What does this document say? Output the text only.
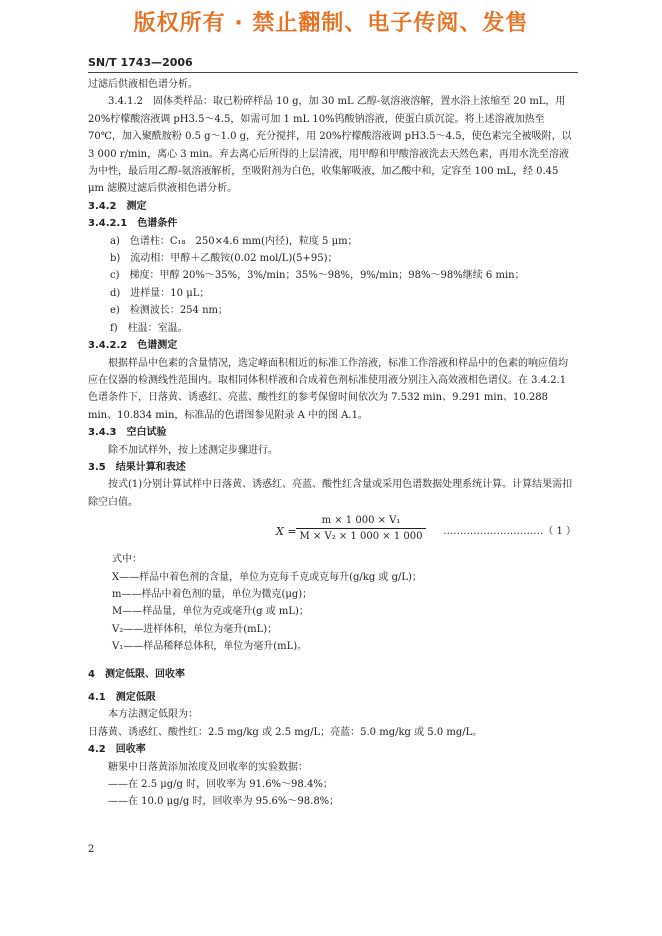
版权所有 · 禁止翻制、电子传阅、发售
SN/T 1743—2006

过滤后供液相色谱分析。

3.4.1.2　固体类样品：取已粉碎样品 10 g，加 30 mL 乙醇-氨溶液溶解，置水浴上浓缩至 20 mL，用 20%柠檬酸溶液调 pH3.5～4.5，如需可加 1 mL 10%钨酸钠溶液，使蛋白质沉淀。将上述溶液加热至 70℃，加入聚酰胺粉 0.5 g～1.0 g，充分搅拌，用 20%柠檬酸溶液调 pH3.5～4.5，使色素完全被吸附，以 3 000 r/min，离心 3 min。弃去离心后所得的上层清液，用甲醇和甲酸溶液洗去天然色素，再用水洗至溶液为中性，最后用乙醇-氨溶液解析，至吸附剂为白色，收集解吸液，加乙酸中和，定容至 100 mL，经 0.45 μm 滤膜过滤后供液相色谱分析。

3.4.2　测定

3.4.2.1　色谱条件

a)　色谱柱：C₁₈　250×4.6 mm(内径)，粒度 5 μm；

b)　流动相：甲醇＋乙酸铵(0.02 mol/L)(5+95)；

c)　梯度：甲醇 20%～35%，3%/min；35%～98%，9%/min；98%～98%继续 6 min；

d)　进样量：10 μL；

e)　检测波长：254 nm；

f)　柱温：室温。

3.4.2.2　色谱测定

根据样品中色素的含量情况，选定峰面积相近的标准工作溶液，标准工作溶液和样品中的色素的响应值均应在仪器的检测线性范围内。取相同体积样液和合成着色剂标准使用液分别注入高效液相色谱仪。在 3.4.2.1 色谱条件下，日落黄、诱惑红、亮蓝、酸性红的参考保留时间依次为 7.532 min、9.291 min、10.288 min、10.834 min，标准品的色谱图参见附录 A 中的图 A.1。

3.4.3　空白试验

除不加试样外，按上述测定步骤进行。

3.5　结果计算和表述

按式(1)分别计算试样中日落黄、诱惑红、亮蓝、酸性红含量或采用色谱数据处理系统计算。计算结果需扣除空白值。

$X = \frac{\text{m × 1 000 × V₁}}{\text{M × V₂ × 1 000 × 1 000}}$ …………………………（ 1 ）

式中：

X——样品中着色剂的含量，单位为克每千克或克每升(g/kg 或 g/L)；

m——样品中着色剂的量，单位为微克(μg)；

M——样品量，单位为克或毫升(g 或 mL)；

V₂——进样体积，单位为毫升(mL)；

V₁——样品稀释总体积，单位为毫升(mL)。

4　测定低限、回收率

4.1　测定低限

本方法测定低限为：

日落黄、诱惑红、酸性红：2.5 mg/kg 或 2.5 mg/L；亮蓝：5.0 mg/kg 或 5.0 mg/L。

4.2　回收率

糖果中日落黄添加浓度及回收率的实验数据：

——在 2.5 μg/g 时，回收率为 91.6%～98.4%；

——在 10.0 μg/g 时，回收率为 95.6%～98.8%；

2
